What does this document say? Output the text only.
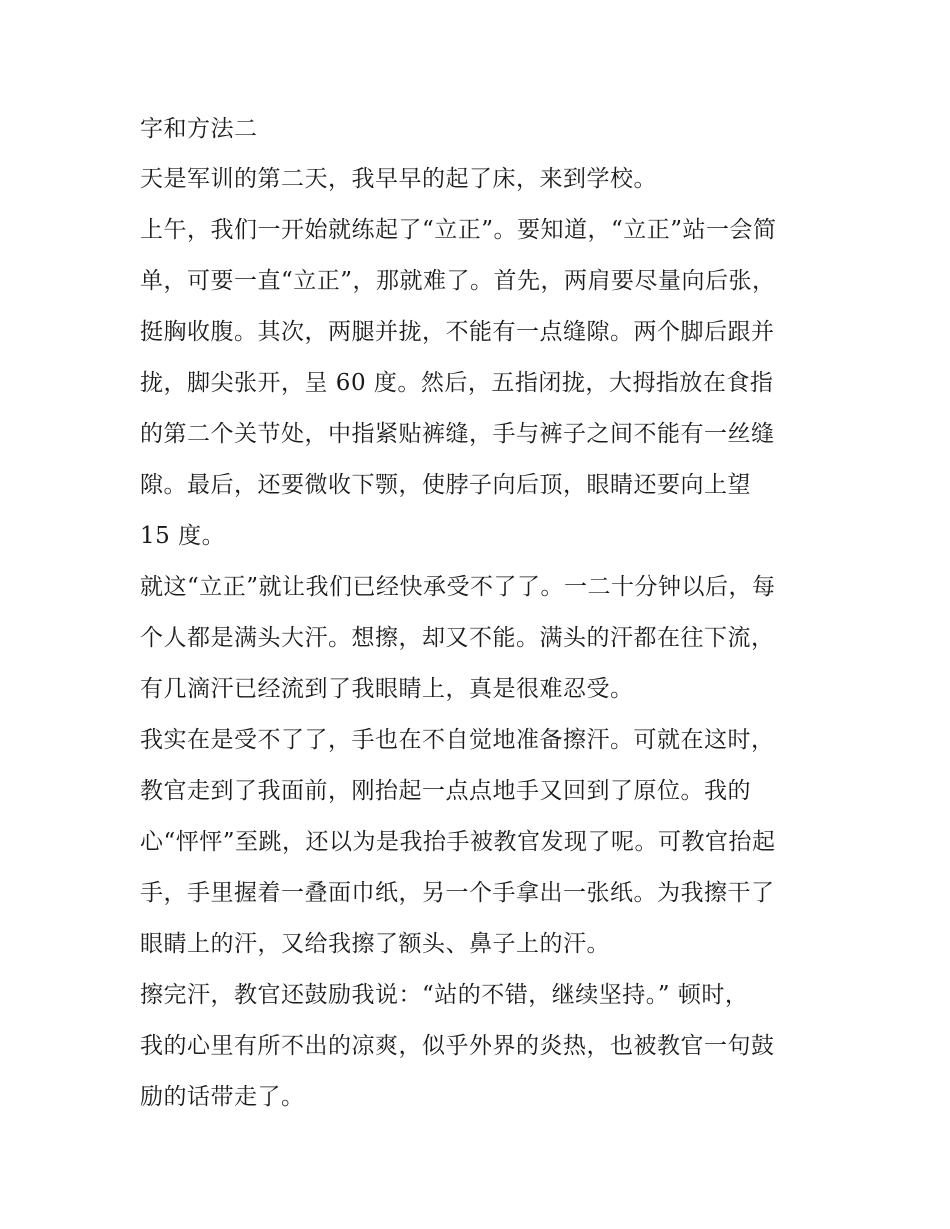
字和方法二
天是军训的第二天，我早早的起了床，来到学校。
上午，我们一开始就练起了“立正”。要知道，“立正”站一会简
单，可要一直“立正”，那就难了。首先，两肩要尽量向后张，
挺胸收腹。其次，两腿并拢，不能有一点缝隙。两个脚后跟并
拢，脚尖张开，呈 60 度。然后，五指闭拢，大拇指放在食指
的第二个关节处，中指紧贴裤缝，手与裤子之间不能有一丝缝
隙。最后，还要微收下颚，使脖子向后顶，眼睛还要向上望
15 度。
就这“立正”就让我们已经快承受不了了。一二十分钟以后，每
个人都是满头大汗。想擦，却又不能。满头的汗都在往下流，
有几滴汗已经流到了我眼睛上，真是很难忍受。
我实在是受不了了，手也在不自觉地准备擦汗。可就在这时，
教官走到了我面前，刚抬起一点点地手又回到了原位。我的
心“怦怦”至跳，还以为是我抬手被教官发现了呢。可教官抬起
手，手里握着一叠面巾纸，另一个手拿出一张纸。为我擦干了
眼睛上的汗，又给我擦了额头、鼻子上的汗。
擦完汗，教官还鼓励我说：“站的不错，继续坚持。” 顿时，
我的心里有所不出的凉爽，似乎外界的炎热，也被教官一句鼓
励的话带走了。
